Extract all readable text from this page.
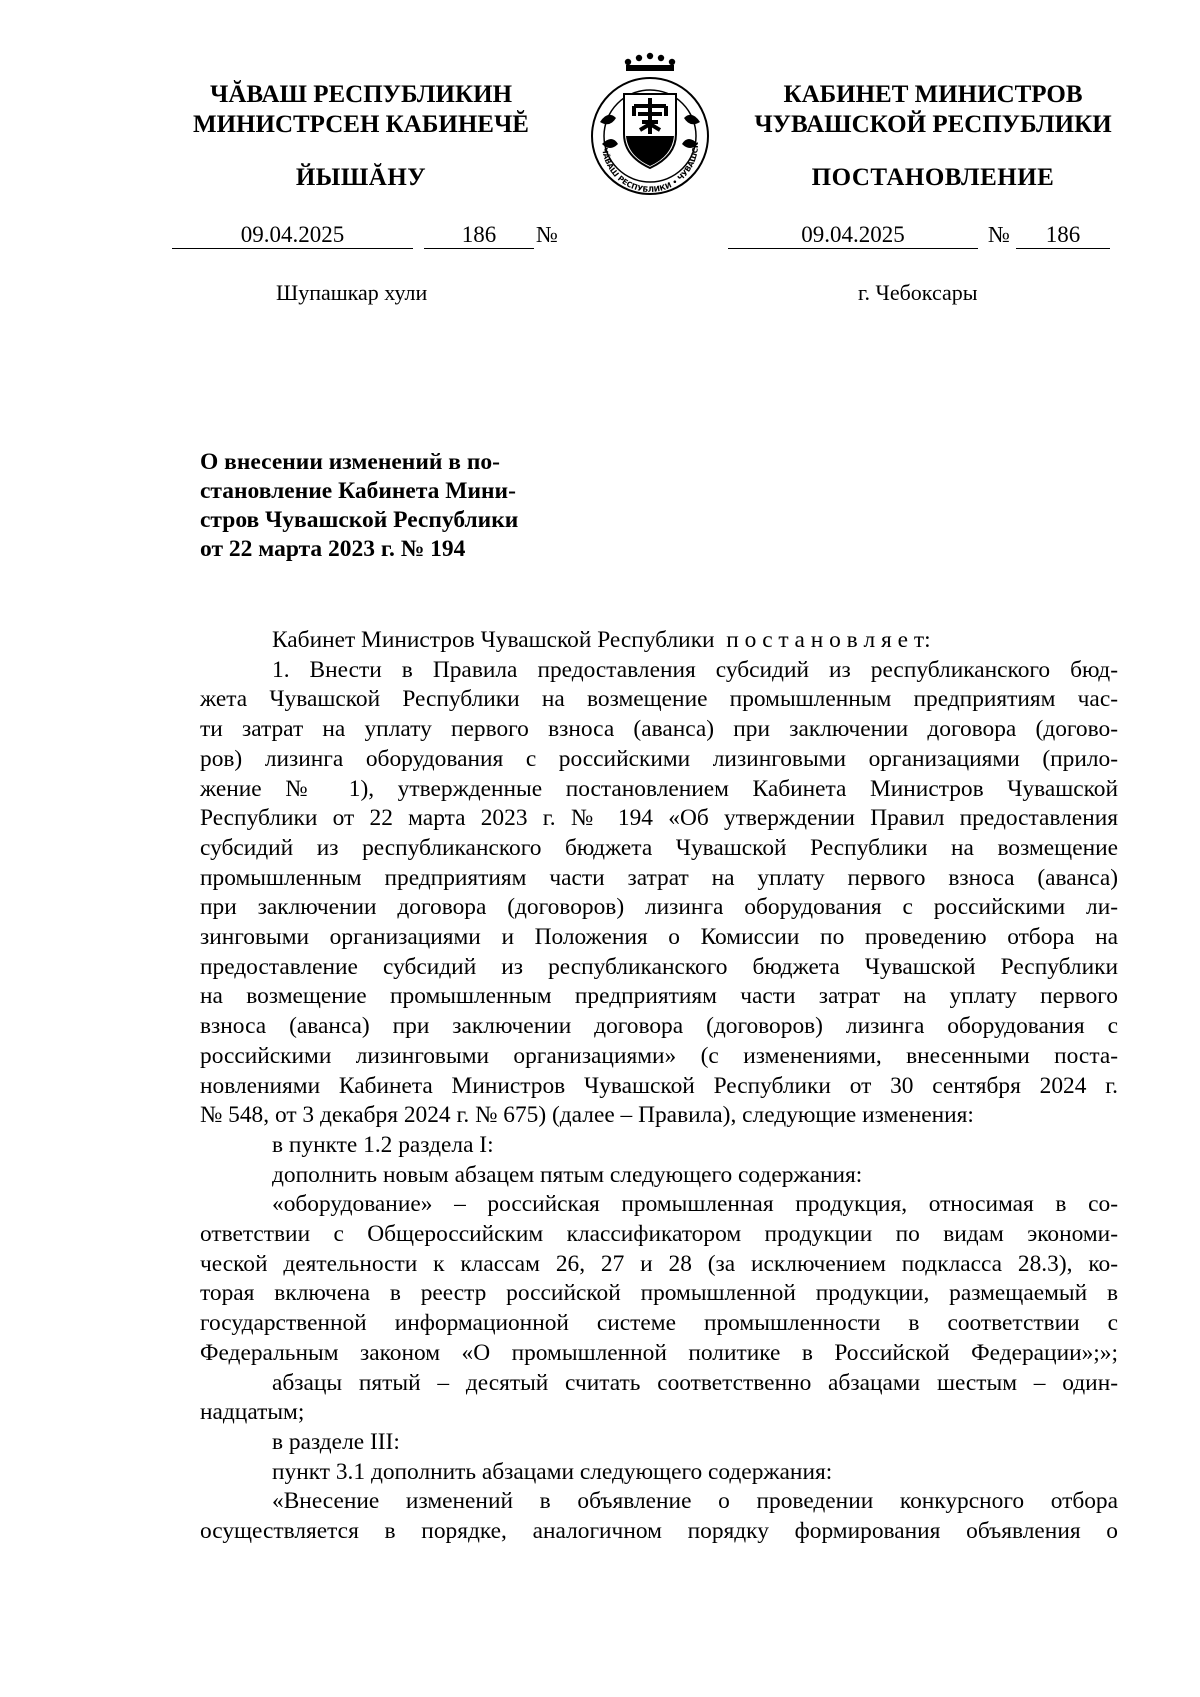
ЧĂВАШ РЕСПУБЛИКИН
МИНИСТРСЕН КАБИНЕЧĔ
ЙЫШĂНУ
ЧĂВАШ РЕСПУБЛИКИ • ЧУВАШСК
КАБИНЕТ МИНИСТРОВ
ЧУВАШСКОЙ РЕСПУБЛИКИ
ПОСТАНОВЛЕНИЕ
09.04.2025	186	№	09.04.2025	№	186
Шупашкар хули	г. Чебоксары
О внесении изменений в по-
становление Кабинета Мини-
стров Чувашской Республики
от 22 марта 2023 г. № 194
Кабинет Министров Чувашской Республики п о с т а н о в л я е т:
1. Внести в Правила предоставления субсидий из республиканского бюд-
жета Чувашской Республики на возмещение промышленным предприятиям час-
ти затрат на уплату первого взноса (аванса) при заключении договора (догово-
ров) лизинга оборудования с российскими лизинговыми организациями (прило-
жение № 1), утвержденные постановлением Кабинета Министров Чувашской
Республики от 22 марта 2023 г. № 194 «Об утверждении Правил предоставления
субсидий из республиканского бюджета Чувашской Республики на возмещение
промышленным предприятиям части затрат на уплату первого взноса (аванса)
при заключении договора (договоров) лизинга оборудования с российскими ли-
зинговыми организациями и Положения о Комиссии по проведению отбора на
предоставление субсидий из республиканского бюджета Чувашской Республики
на возмещение промышленным предприятиям части затрат на уплату первого
взноса (аванса) при заключении договора (договоров) лизинга оборудования с
российскими лизинговыми организациями» (с изменениями, внесенными поста-
новлениями Кабинета Министров Чувашской Республики от 30 сентября 2024 г.
№ 548, от 3 декабря 2024 г. № 675) (далее – Правила), следующие изменения:
в пункте 1.2 раздела I:
дополнить новым абзацем пятым следующего содержания:
«оборудование» – российская промышленная продукция, относимая в со-
ответствии с Общероссийским классификатором продукции по видам экономи-
ческой деятельности к классам 26, 27 и 28 (за исключением подкласса 28.3), ко-
торая включена в реестр российской промышленной продукции, размещаемый в
государственной информационной системе промышленности в соответствии с
Федеральным законом «О промышленной политике в Российской Федерации»;»;
абзацы пятый – десятый считать соответственно абзацами шестым – один-
надцатым;
в разделе III:
пункт 3.1 дополнить абзацами следующего содержания:
«Внесение изменений в объявление о проведении конкурсного отбора
осуществляется в порядке, аналогичном порядку формирования объявления о
